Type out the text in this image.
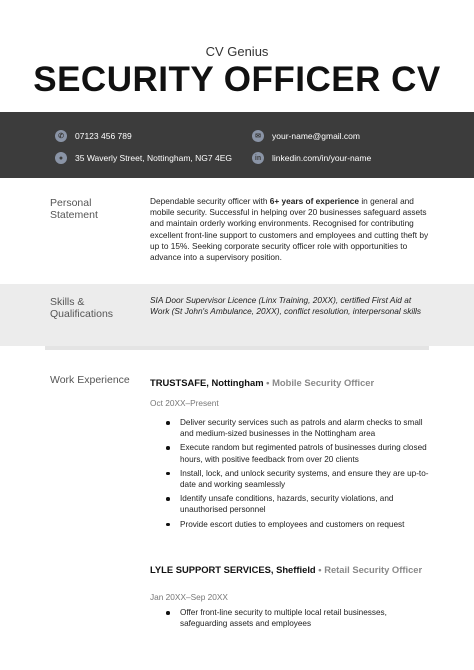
CV Genius
SECURITY OFFICER CV
✆	07123 456 789
●	35 Waverly Street, Nottingham, NG7 4EG
✉	your-name@gmail.com
in	linkedin.com/in/your-name
Personal Statement
Dependable security officer with 6+ years of experience in general and mobile security. Successful in helping over 20 businesses safeguard assets and maintain orderly working environments. Recognised for contributing excellent front-line support to customers and employees and cutting theft by up to 15%. Seeking corporate security officer role with opportunities to advance into a supervisory position.
Skills & Qualifications
SIA Door Supervisor Licence (Linx Training, 20XX), certified First Aid at Work (St John's Ambulance, 20XX), conflict resolution, interpersonal skills
Work Experience TRUSTSAFE, Nottingham • Mobile Security Officer
Oct 20XX–Present
Deliver security services such as patrols and alarm checks to small and medium-sized businesses in the Nottingham area
Execute random but regimented patrols of businesses during closed hours, with positive feedback from over 20 clients
Install, lock, and unlock security systems, and ensure they are up-to-date and working seamlessly
Identify unsafe conditions, hazards, security violations, and unauthorised personnel
Provide escort duties to employees and customers on request
LYLE SUPPORT SERVICES, Sheffield • Retail Security Officer
Jan 20XX–Sep 20XX
Offer front-line security to multiple local retail businesses, safeguarding assets and employees
